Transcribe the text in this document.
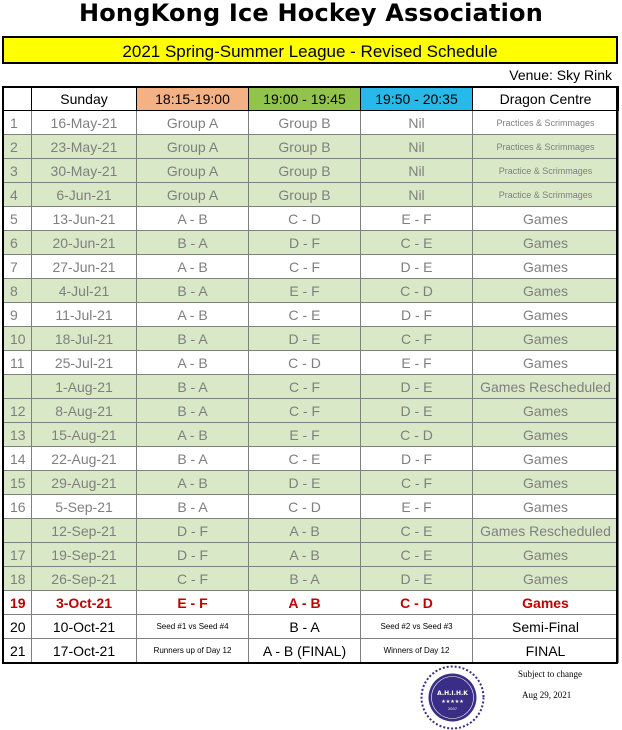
HongKong Ice Hockey Association
2021 Spring-Summer League - Revised Schedule
Venue: Sky Rink
	Sunday	18:15-19:00	19:00 - 19:45	19:50 - 20:35	Dragon Centre
1	16-May-21	Group A	Group B	Nil	Practices & Scrimmages
2	23-May-21	Group A	Group B	Nil	Practices & Scrimmages
3	30-May-21	Group A	Group B	Nil	Practice & Scrimmages
4	6-Jun-21	Group A	Group B	Nil	Practice & Scrimmages
5	13-Jun-21	A - B	C - D	E - F	Games
6	20-Jun-21	B - A	D - F	C - E	Games
7	27-Jun-21	A - B	C - F	D - E	Games
8	4-Jul-21	B - A	E - F	C - D	Games
9	11-Jul-21	A - B	C - E	D - F	Games
10	18-Jul-21	B - A	D - E	C - F	Games
11	25-Jul-21	A - B	C - D	E - F	Games
	1-Aug-21	B - A	C - F	D - E	Games Rescheduled
12	8-Aug-21	B - A	C - F	D - E	Games
13	15-Aug-21	A - B	E - F	C - D	Games
14	22-Aug-21	B - A	C - E	D - F	Games
15	29-Aug-21	A - B	D - E	C - F	Games
16	5-Sep-21	B - A	C - D	E - F	Games
	12-Sep-21	D - F	A - B	C - E	Games Rescheduled
17	19-Sep-21	D - F	A - B	C - E	Games
18	26-Sep-21	C - F	B - A	D - E	Games
19	3-Oct-21	E - F	A - B	C - D	Games
20	10-Oct-21	Seed #1 vs Seed #4	B - A	Seed #2 vs Seed #3	Semi-Final
21	17-Oct-21	Runners up of Day 12	A - B (FINAL)	Winners of Day 12	FINAL
A.H.I.H.K
★★★★★
2007
Subject to change
Aug 29, 2021
